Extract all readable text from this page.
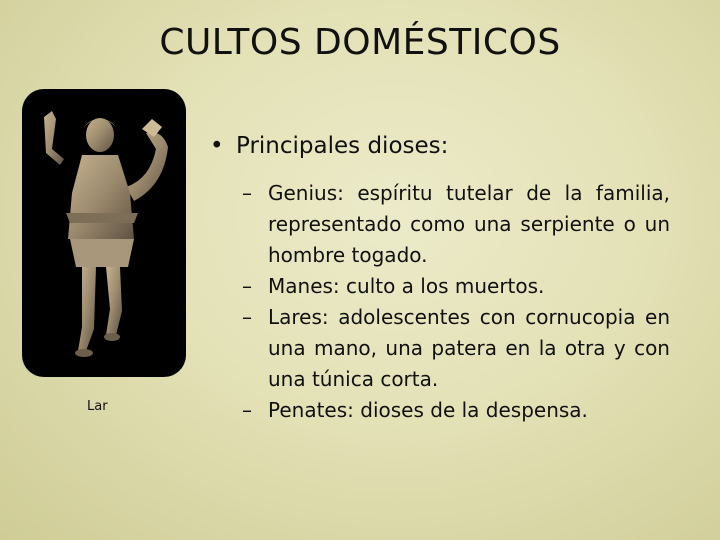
CULTOS DOMÉSTICOS
Lar
• Principales dioses:
– Genius: espíritu tutelar de la familia, representado como una serpiente o un hombre togado.
– Manes: culto a los muertos.
– Lares: adolescentes con cornucopia en una mano, una patera en la otra y con una túnica corta.
– Penates: dioses de la despensa.
